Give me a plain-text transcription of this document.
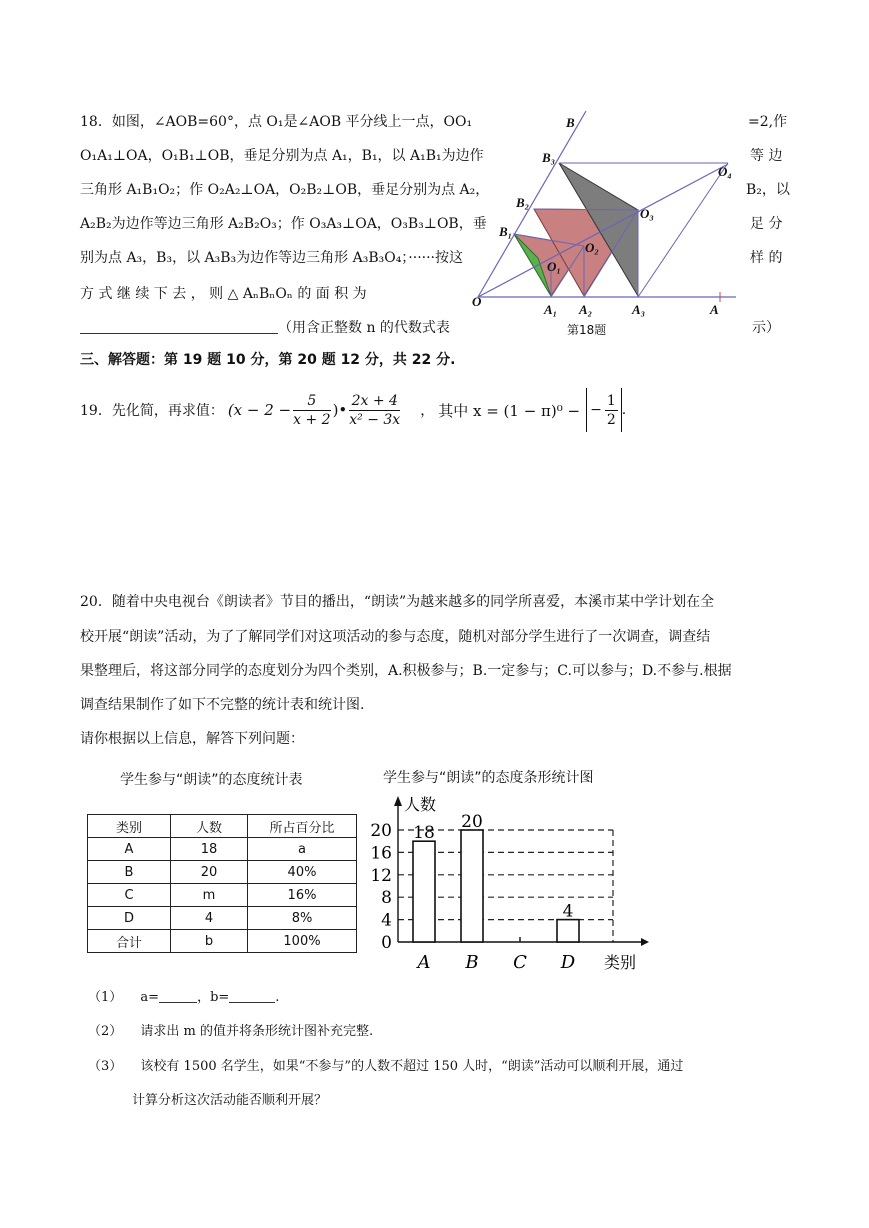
18．如图，∠AOB=60°，点 O₁是∠AOB 平分线上一点，OO₁	=2,作
O₁A₁⊥OA，O₁B₁⊥OB，垂足分别为点 A₁，B₁，以 A₁B₁为边作	等 边
三角形 A₁B₁O₂；作 O₂A₂⊥OA，O₂B₂⊥OB，垂足分别为点 A₂，	B₂，以
A₂B₂为边作等边三角形 A₂B₂O₃；作 O₃A₃⊥OA，O₃B₃⊥OB，垂	足 分
别为点 A₃，B₃，以 A₃B₃为边作等边三角形 A₃B₃O₄；······按这	样 的
方 式 继 续 下 去 ， 则 △ AₙBₙOₙ 的 面 积 为
（用含正整数 n 的代数式表	示）
B
B₃
B₂
B₁
O₄
O₃
O₂
O₁
O
A₁ A₂	A₃	A
第18题
三、解答题：第 19 题 10 分，第 20 题 12 分，共 22 分.
19．先化简，再求值： ($x - 2 - \frac{5}{x + 2}$ )• $\frac{2x + 4}{\text{x² − 3x}}$ ， 其中 x = (1 − π)⁰ − − $\frac{1}{2}$ .
20．随着中央电视台《朗读者》节目的播出，“朗读”为越来越多的同学所喜爱，本溪市某中学计划在全
校开展“朗读”活动，为了了解同学们对这项活动的参与态度，随机对部分学生进行了一次调查，调查结
果整理后，将这部分同学的态度划分为四个类别，A.积极参与；B.一定参与；C.可以参与；D.不参与.根据
调查结果制作了如下不完整的统计表和统计图.
请你根据以上信息，解答下列问题：
学生参与“朗读”的态度统计表
类别	人数	所占百分比
A	18	a
B	20	40%
C	m	16%
D	4	8%
合计	b	100%
学生参与“朗读”的态度条形统计图
人数
类别
0
4
8
12
16
20 18
A
20
B C
4
D
（1） a=	，b=	.
（2） 请求出 m 的值并将条形统计图补充完整.
（3） 该校有 1500 名学生，如果“不参与”的人数不超过 150 人时，“朗读”活动可以顺利开展，通过
计算分析这次活动能否顺利开展？
